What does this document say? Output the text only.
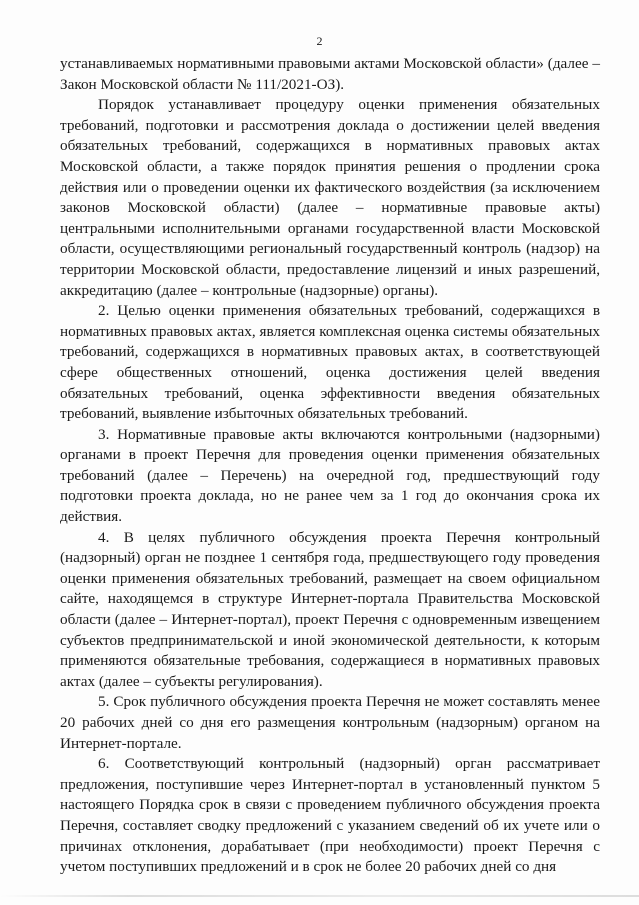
2

устанавливаемых нормативными правовыми актами Московской области» (далее – Закон Московской области № 111/2021-ОЗ).

Порядок устанавливает процедуру оценки применения обязательных требований, подготовки и рассмотрения доклада о достижении целей введения обязательных требований, содержащихся в нормативных правовых актах Московской области, а также порядок принятия решения о продлении срока действия или о проведении оценки их фактического воздействия (за исключением законов Московской области) (далее – нормативные правовые акты) центральными исполнительными органами государственной власти Московской области, осуществляющими региональный государственный контроль (надзор) на территории Московской области, предоставление лицензий и иных разрешений, аккредитацию (далее – контрольные (надзорные) органы).

2. Целью оценки применения обязательных требований, содержащихся в нормативных правовых актах, является комплексная оценка системы обязательных требований, содержащихся в нормативных правовых актах, в соответствующей сфере общественных отношений, оценка достижения целей введения обязательных требований, оценка эффективности введения обязательных требований, выявление избыточных обязательных требований.

3. Нормативные правовые акты включаются контрольными (надзорными) органами в проект Перечня для проведения оценки применения обязательных требований (далее – Перечень) на очередной год, предшествующий году подготовки проекта доклада, но не ранее чем за 1 год до окончания срока их действия.

4. В целях публичного обсуждения проекта Перечня контрольный (надзорный) орган не позднее 1 сентября года, предшествующего году проведения оценки применения обязательных требований, размещает на своем официальном сайте, находящемся в структуре Интернет-портала Правительства Московской области (далее – Интернет-портал), проект Перечня с одновременным извещением субъектов предпринимательской и иной экономической деятельности, к которым применяются обязательные требования, содержащиеся в нормативных правовых актах (далее – субъекты регулирования).

5. Срок публичного обсуждения проекта Перечня не может составлять менее 20 рабочих дней со дня его размещения контрольным (надзорным) органом на Интернет-портале.

6. Соответствующий контрольный (надзорный) орган рассматривает предложения, поступившие через Интернет-портал в установленный пунктом 5 настоящего Порядка срок в связи с проведением публичного обсуждения проекта Перечня, составляет сводку предложений с указанием сведений об их учете или о причинах отклонения, дорабатывает (при необходимости) проект Перечня с учетом поступивших предложений и в срок не более 20 рабочих дней со дня
